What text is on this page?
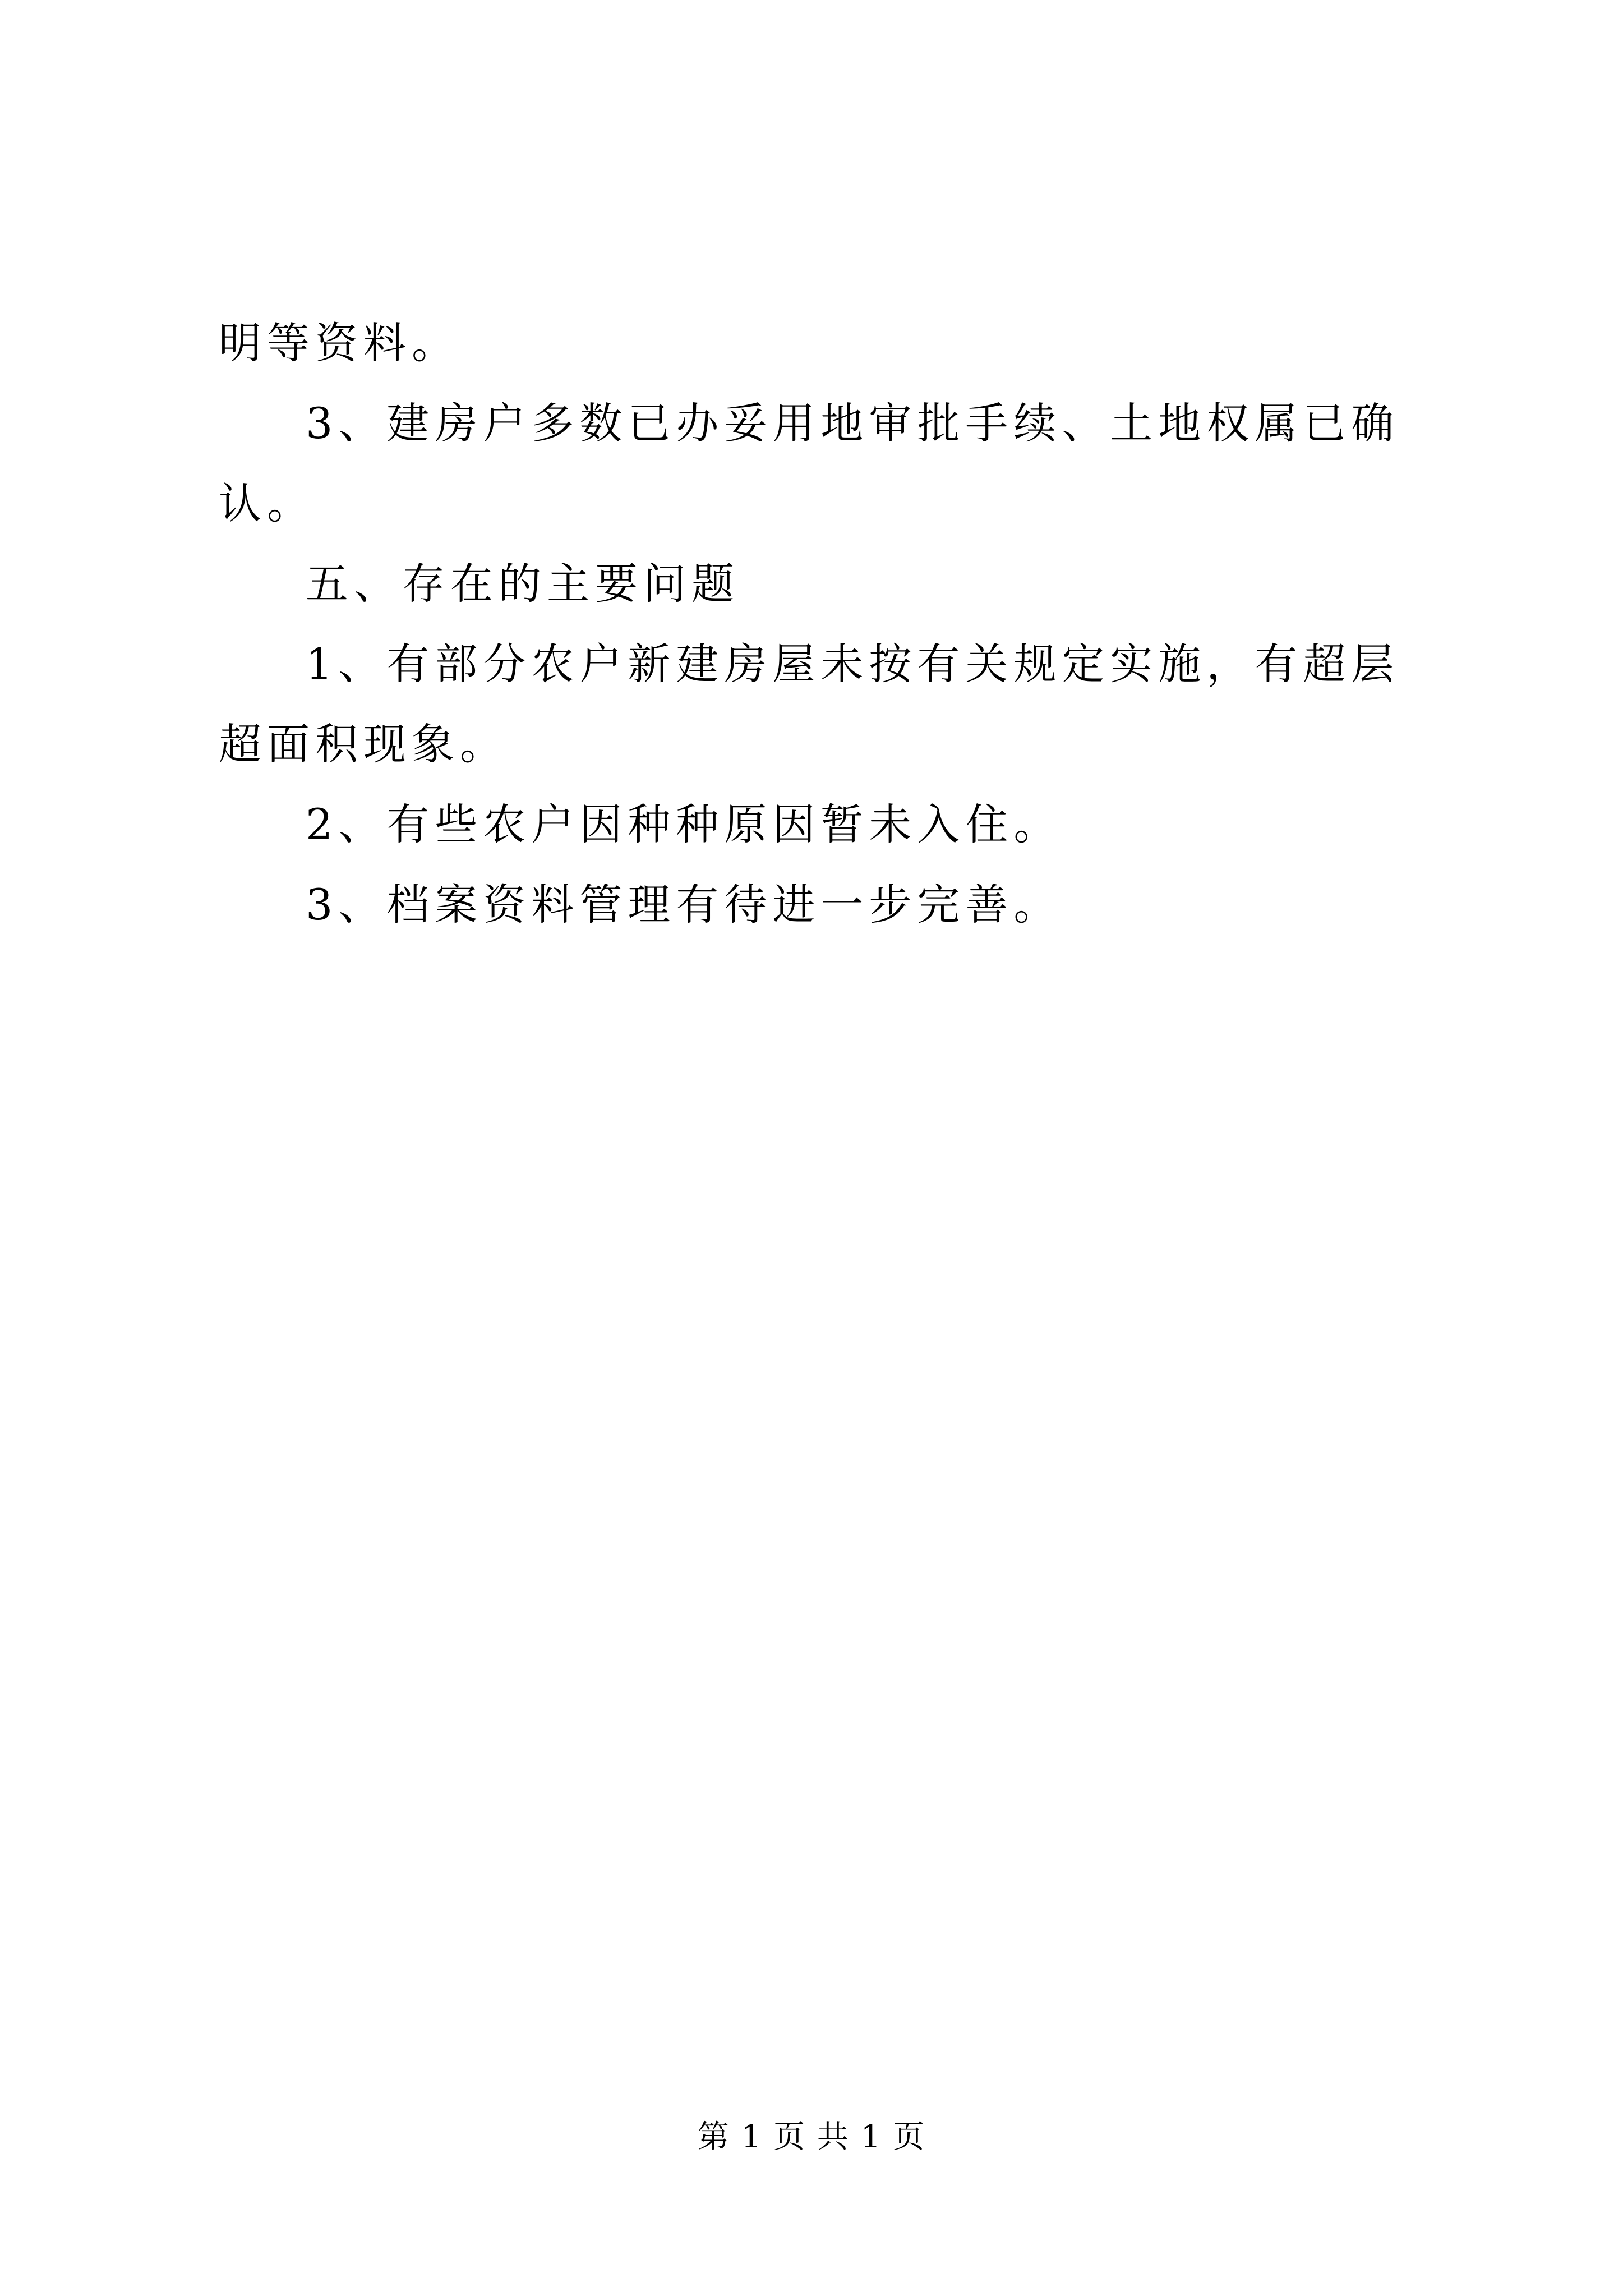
明等资料。

3、建房户多数已办妥用地审批手续、土地权属已确认。

五、存在的主要问题

1、有部分农户新建房屋未按有关规定实施，有超层超面积现象。

2、有些农户因种种原因暂未入住。

3、档案资料管理有待进一步完善。

第 1 页 共 1 页
